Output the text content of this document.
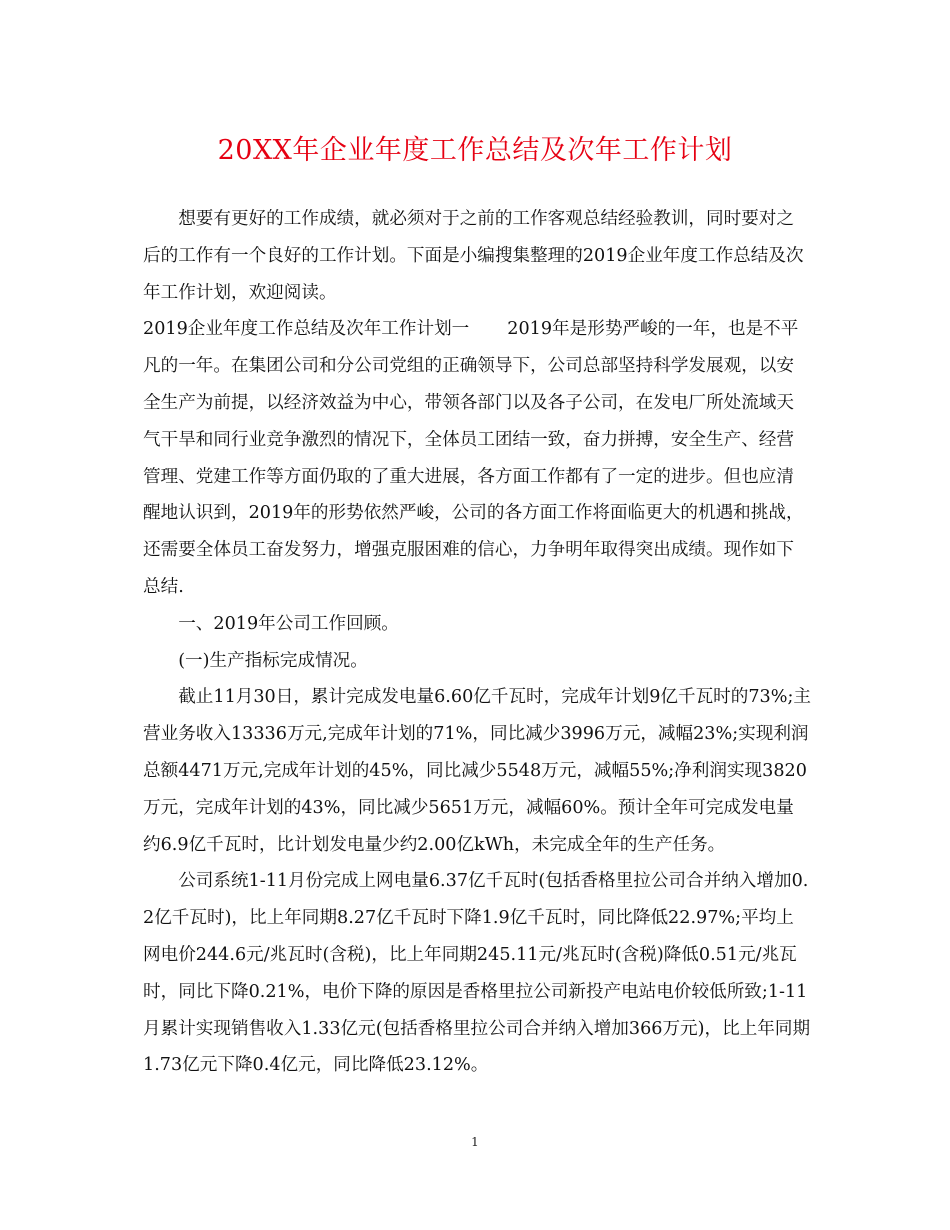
20XX年企业年度工作总结及次年工作计划

想要有更好的工作成绩，就必须对于之前的工作客观总结经验教训，同时要对之后的工作有一个良好的工作计划。下面是小编搜集整理的2019企业年度工作总结及次年工作计划，欢迎阅读。

2019企业年度工作总结及次年工作计划一 2019年是形势严峻的一年，也是不平凡的一年。在集团公司和分公司党组的正确领导下，公司总部坚持科学发展观，以安全生产为前提，以经济效益为中心，带领各部门以及各子公司，在发电厂所处流域天气干旱和同行业竞争激烈的情况下，全体员工团结一致，奋力拼搏，安全生产、经营管理、党建工作等方面仍取的了重大进展，各方面工作都有了一定的进步。但也应清醒地认识到，2019年的形势依然严峻，公司的各方面工作将面临更大的机遇和挑战，还需要全体员工奋发努力，增强克服困难的信心，力争明年取得突出成绩。现作如下总结.

一、2019年公司工作回顾。

(一)生产指标完成情况。

截止11月30日，累计完成发电量6.60亿千瓦时，完成年计划9亿千瓦时的73%;主营业务收入13336万元,完成年计划的71%，同比减少3996万元，减幅23%;实现利润总额4471万元,完成年计划的45%，同比减少5548万元，减幅55%;净利润实现3820万元，完成年计划的43%，同比减少5651万元，减幅60%。预计全年可完成发电量约6.9亿千瓦时，比计划发电量少约2.00亿kWh，未完成全年的生产任务。

公司系统1-11月份完成上网电量6.37亿千瓦时(包括香格里拉公司合并纳入增加0.2亿千瓦时)，比上年同期8.27亿千瓦时下降1.9亿千瓦时，同比降低22.97%;平均上网电价244.6元/兆瓦时(含税)，比上年同期245.11元/兆瓦时(含税)降低0.51元/兆瓦时，同比下降0.21%，电价下降的原因是香格里拉公司新投产电站电价较低所致;1-11月累计实现销售收入1.33亿元(包括香格里拉公司合并纳入增加366万元)，比上年同期1.73亿元下降0.4亿元，同比降低23.12%。

1
